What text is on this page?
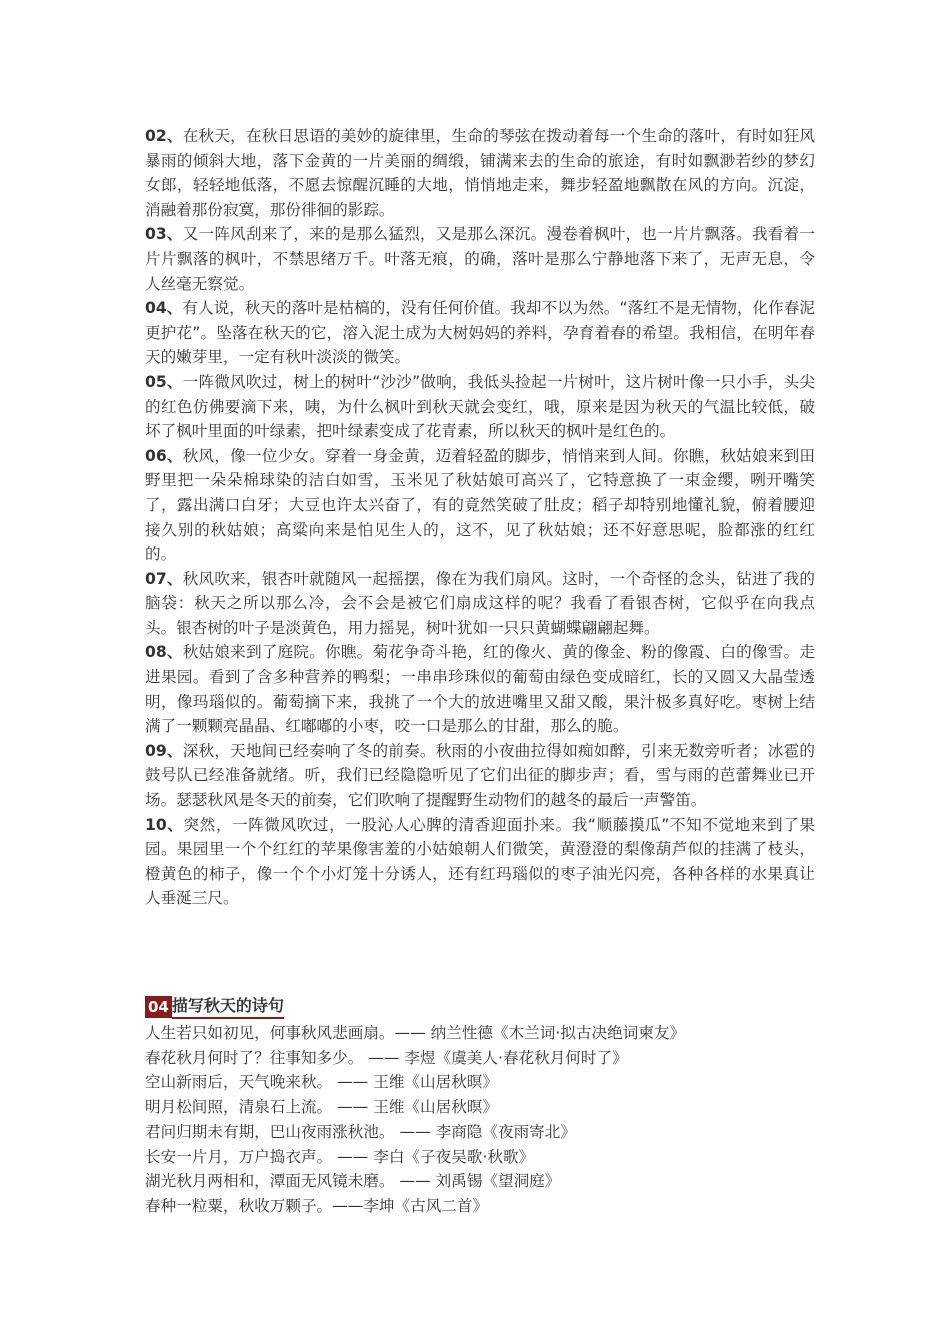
02、在秋天，在秋日思语的美妙的旋律里，生命的琴弦在拨动着每一个生命的落叶，有时如狂风暴雨的倾斜大地，落下金黄的一片美丽的绸缎，铺满来去的生命的旅途，有时如飘渺若纱的梦幻女郎，轻轻地低落，不愿去惊醒沉睡的大地，悄悄地走来，舞步轻盈地飘散在风的方向。沉淀，消融着那份寂寞，那份徘徊的影踪。

03、又一阵风刮来了，来的是那么猛烈，又是那么深沉。漫卷着枫叶，也一片片飘落。我看着一片片飘落的枫叶，不禁思绪万千。叶落无痕，的确，落叶是那么宁静地落下来了，无声无息，令人丝毫无察觉。

04、有人说，秋天的落叶是枯槁的，没有任何价值。我却不以为然。“落红不是无情物，化作春泥更护花”。坠落在秋天的它，溶入泥土成为大树妈妈的养料，孕育着春的希望。我相信，在明年春天的嫩芽里，一定有秋叶淡淡的微笑。

05、一阵微风吹过，树上的树叶“沙沙”做响，我低头捡起一片树叶，这片树叶像一只小手，头尖的红色仿佛要滴下来，咦，为什么枫叶到秋天就会变红，哦，原来是因为秋天的气温比较低，破坏了枫叶里面的叶绿素，把叶绿素变成了花青素，所以秋天的枫叶是红色的。

06、秋风，像一位少女。穿着一身金黄，迈着轻盈的脚步，悄悄来到人间。你瞧，秋姑娘来到田野里把一朵朵棉球染的洁白如雪，玉米见了秋姑娘可高兴了，它特意换了一束金缨，咧开嘴笑了，露出满口白牙；大豆也许太兴奋了，有的竟然笑破了肚皮；稻子却特别地懂礼貌，俯着腰迎接久别的秋姑娘；高粱向来是怕见生人的，这不，见了秋姑娘；还不好意思呢，脸都涨的红红的。

07、秋风吹来，银杏叶就随风一起摇摆，像在为我们扇风。这时，一个奇怪的念头，钻进了我的脑袋：秋天之所以那么冷，会不会是被它们扇成这样的呢？我看了看银杏树，它似乎在向我点头。银杏树的叶子是淡黄色，用力摇晃，树叶犹如一只只黄蝴蝶翩翩起舞。

08、秋姑娘来到了庭院。你瞧。菊花争奇斗艳，红的像火、黄的像金、粉的像霞、白的像雪。走进果园。看到了含多种营养的鸭梨；一串串珍珠似的葡萄由绿色变成暗红，长的又圆又大晶莹透明，像玛瑙似的。葡萄摘下来，我挑了一个大的放进嘴里又甜又酸，果汁极多真好吃。枣树上结满了一颗颗亮晶晶、红嘟嘟的小枣，咬一口是那么的甘甜，那么的脆。

09、深秋，天地间已经奏响了冬的前奏。秋雨的小夜曲拉得如痴如醉，引来无数旁听者；冰雹的鼓号队已经准备就绪。听，我们已经隐隐听见了它们出征的脚步声；看，雪与雨的芭蕾舞业已开场。瑟瑟秋风是冬天的前奏，它们吹响了提醒野生动物们的越冬的最后一声警笛。

10、突然，一阵微风吹过，一股沁人心脾的清香迎面扑来。我“顺藤摸瓜”不知不觉地来到了果园。果园里一个个红红的苹果像害羞的小姑娘朝人们微笑，黄澄澄的梨像葫芦似的挂满了枝头，橙黄色的柿子，像一个个小灯笼十分诱人，还有红玛瑙似的枣子油光闪亮，各种各样的水果真让人垂涎三尺。

04 描写秋天的诗句
人生若只如初见，何事秋风悲画扇。—— 纳兰性德《木兰词·拟古决绝词柬友》
春花秋月何时了？往事知多少。 —— 李煜《虞美人·春花秋月何时了》
空山新雨后，天气晚来秋。 —— 王维《山居秋暝》
明月松间照，清泉石上流。 —— 王维《山居秋暝》
君问归期未有期，巴山夜雨涨秋池。 —— 李商隐《夜雨寄北》
长安一片月，万户捣衣声。 —— 李白《子夜吴歌·秋歌》
湖光秋月两相和，潭面无风镜未磨。 —— 刘禹锡《望洞庭》
春种一粒粟，秋收万颗子。——李坤《古风二首》
